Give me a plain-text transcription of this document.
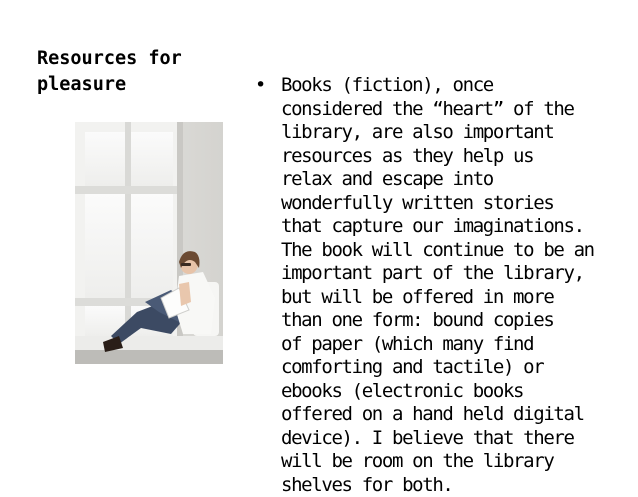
Resources for
pleasure	• Books (fiction), once
considered the “heart” of the
library, are also important
resources as they help us
relax and escape into
wonderfully written stories
that capture our imaginations.
The book will continue to be an
important part of the library,
but will be offered in more
than one form: bound copies
of paper (which many find
comforting and tactile) or
ebooks (electronic books
offered on a hand held digital
device). I believe that there
will be room on the library
shelves for both.
